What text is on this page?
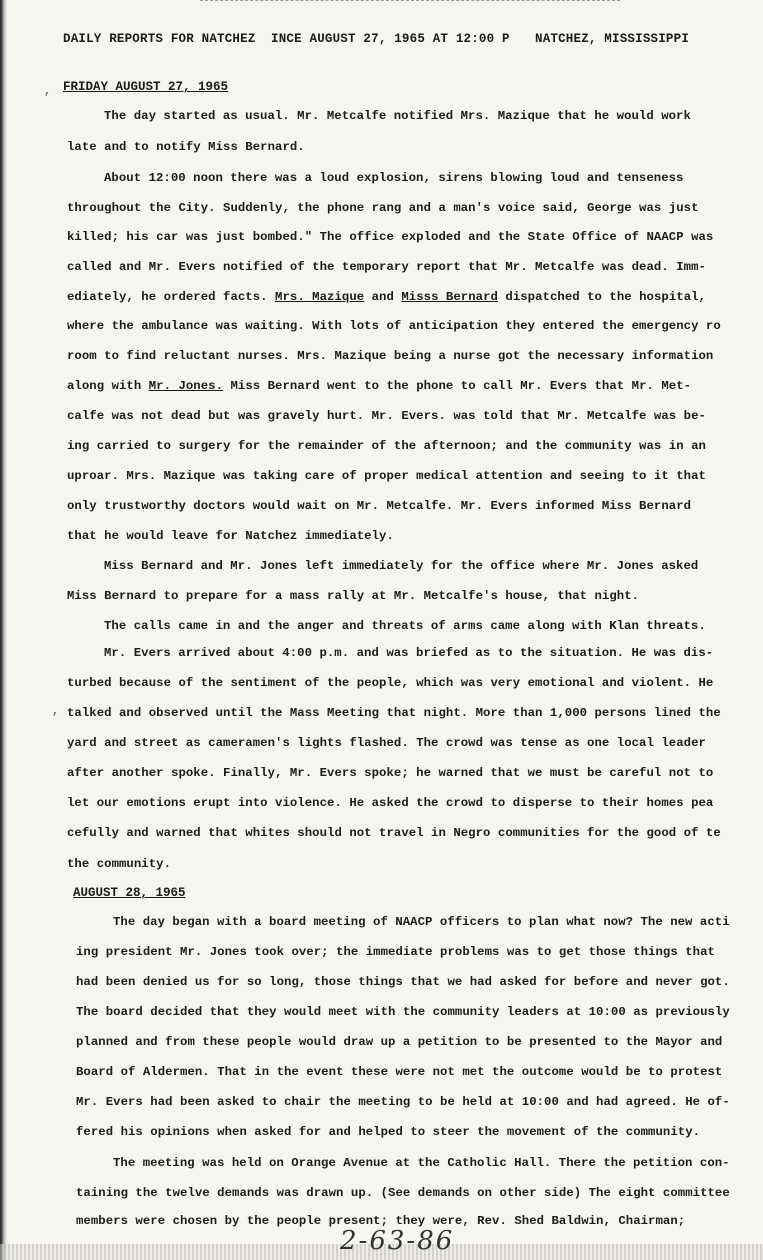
DAILY REPORTS FOR NATCHEZ INCE AUGUST 27, 1965 AT 12:00 P NATCHEZ, MISSISSIPPI
, FRIDAY AUGUST 27, 1965
The day started as usual. Mr. Metcalfe notified Mrs. Mazique that he would work
late and to notify Miss Bernard.
About 12:00 noon there was a loud explosion, sirens blowing loud and tenseness
throughout the City. Suddenly, the phone rang and a man's voice said, George was just
killed; his car was just bombed." The office exploded and the State Office of NAACP was
called and Mr. Evers notified of the temporary report that Mr. Metcalfe was dead. Imm-
ediately, he ordered facts. Mrs. Mazique and Misss Bernard dispatched to the hospital,
where the ambulance was waiting. With lots of anticipation they entered the emergency ro
room to find reluctant nurses. Mrs. Mazique being a nurse got the necessary information
along with Mr. Jones. Miss Bernard went to the phone to call Mr. Evers that Mr. Met-
calfe was not dead but was gravely hurt. Mr. Evers. was told that Mr. Metcalfe was be-
ing carried to surgery for the remainder of the afternoon; and the community was in an
uproar. Mrs. Mazique was taking care of proper medical attention and seeing to it that
only trustworthy doctors would wait on Mr. Metcalfe. Mr. Evers informed Miss Bernard
that he would leave for Natchez immediately.
Miss Bernard and Mr. Jones left immediately for the office where Mr. Jones asked
Miss Bernard to prepare for a mass rally at Mr. Metcalfe's house, that night.
The calls came in and the anger and threats of arms came along with Klan threats.
Mr. Evers arrived about 4:00 p.m. and was briefed as to the situation. He was dis-
turbed because of the sentiment of the people, which was very emotional and violent. He
, talked and observed until the Mass Meeting that night. More than 1,000 persons lined the
yard and street as cameramen's lights flashed. The crowd was tense as one local leader
after another spoke. Finally, Mr. Evers spoke; he warned that we must be careful not to
let our emotions erupt into violence. He asked the crowd to disperse to their homes pea
cefully and warned that whites should not travel in Negro communities for the good of te
the community.
AUGUST 28, 1965
The day began with a board meeting of NAACP officers to plan what now? The new acti
ing president Mr. Jones took over; the immediate problems was to get those things that
had been denied us for so long, those things that we had asked for before and never got.
The board decided that they would meet with the community leaders at 10:00 as previously
planned and from these people would draw up a petition to be presented to the Mayor and
Board of Aldermen. That in the event these were not met the outcome would be to protest
Mr. Evers had been asked to chair the meeting to be held at 10:00 and had agreed. He of-
fered his opinions when asked for and helped to steer the movement of the community.
The meeting was held on Orange Avenue at the Catholic Hall. There the petition con-
taining the twelve demands was drawn up. (See demands on other side) The eight committee
members were chosen by the people present; they were, Rev. Shed Baldwin, Chairman;
2-63-86
